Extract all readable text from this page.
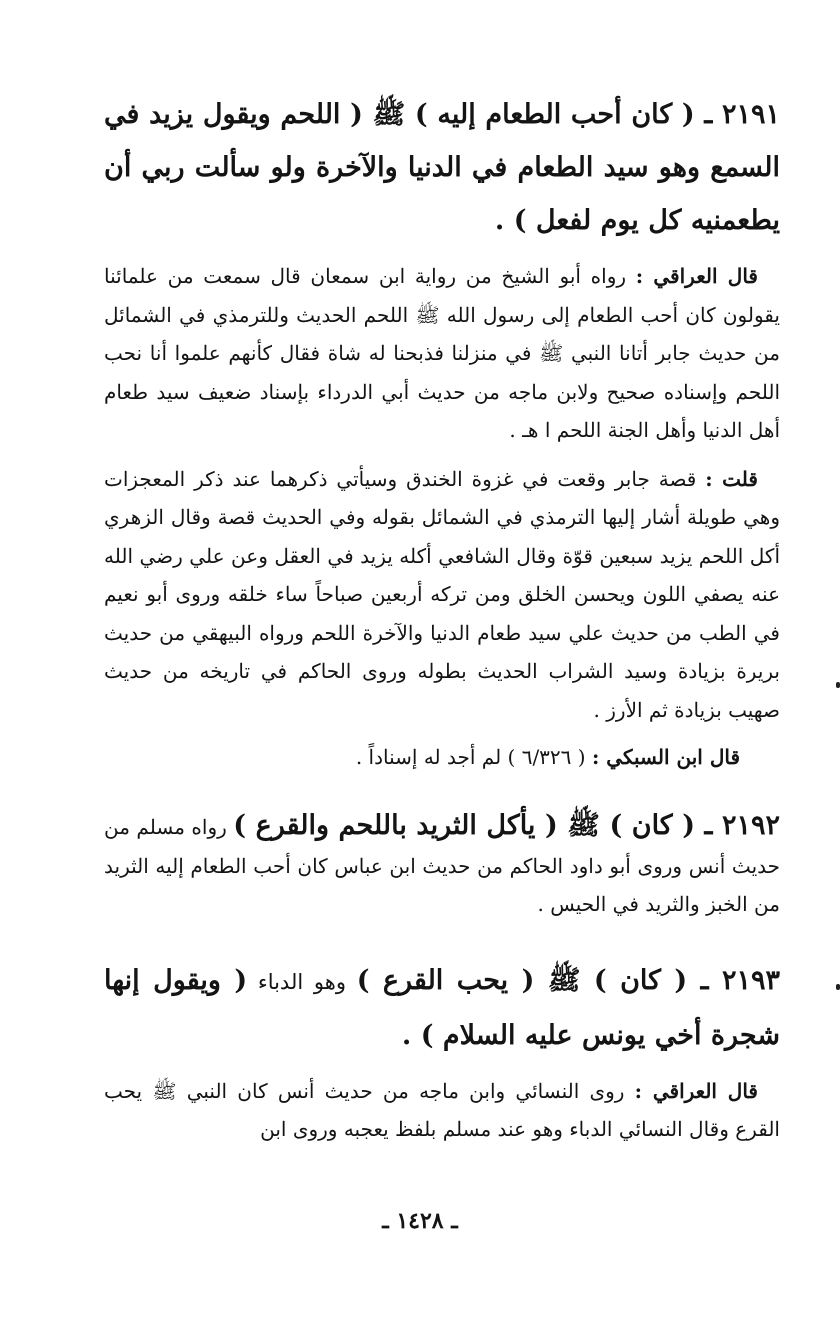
٢١٩١ ـ ( كان أحب الطعام إليه ) ﷺ ( اللحم ويقول يزيد في السمع وهو سيد الطعام في الدنيا والآخرة ولو سألت ربي أن يطعمنيه كل يوم لفعل ) .

قال العراقي : رواه أبو الشيخ من رواية ابن سمعان قال سمعت من علمائنا يقولون كان أحب الطعام إلى رسول الله ﷺ اللحم الحديث وللترمذي في الشمائل من حديث جابر أتانا النبي ﷺ في منزلنا فذبحنا له شاة فقال كأنهم علموا أنا نحب اللحم وإسناده صحيح ولابن ماجه من حديث أبي الدرداء بإسناد ضعيف سيد طعام أهل الدنيا وأهل الجنة اللحم ا هـ .

قلت : قصة جابر وقعت في غزوة الخندق وسيأتي ذكرهما عند ذكر المعجزات وهي طويلة أشار إليها الترمذي في الشمائل بقوله وفي الحديث قصة وقال الزهري أكل اللحم يزيد سبعين قوّة وقال الشافعي أكله يزيد في العقل وعن علي رضي الله عنه يصفي اللون ويحسن الخلق ومن تركه أربعين صباحاً ساء خلقه وروى أبو نعيم في الطب من حديث علي سيد طعام الدنيا والآخرة اللحم ورواه البيهقي من حديث بريرة بزيادة وسيد الشراب الحديث بطوله وروى الحاكم في تاريخه من حديث صهيب بزيادة ثم الأرز .

قال ابن السبكي : ( ٦/٣٢٦ ) لم أجد له إسناداً .

٢١٩٢ ـ ( كان ) ﷺ ( يأكل الثريد باللحم والقرع ) رواه مسلم من حديث أنس وروى أبو داود الحاكم من حديث ابن عباس كان أحب الطعام إليه الثريد من الخبز والثريد في الحيس .

٢١٩٣ ـ ( كان ) ﷺ ( يحب القرع ) وهو الدباء ( ويقول إنها شجرة أخي يونس عليه السلام ) .

قال العراقي : روى النسائي وابن ماجه من حديث أنس كان النبي ﷺ يحب القرع وقال النسائي الدباء وهو عند مسلم بلفظ يعجبه وروى ابن

ـ ١٤٢٨ ـ
